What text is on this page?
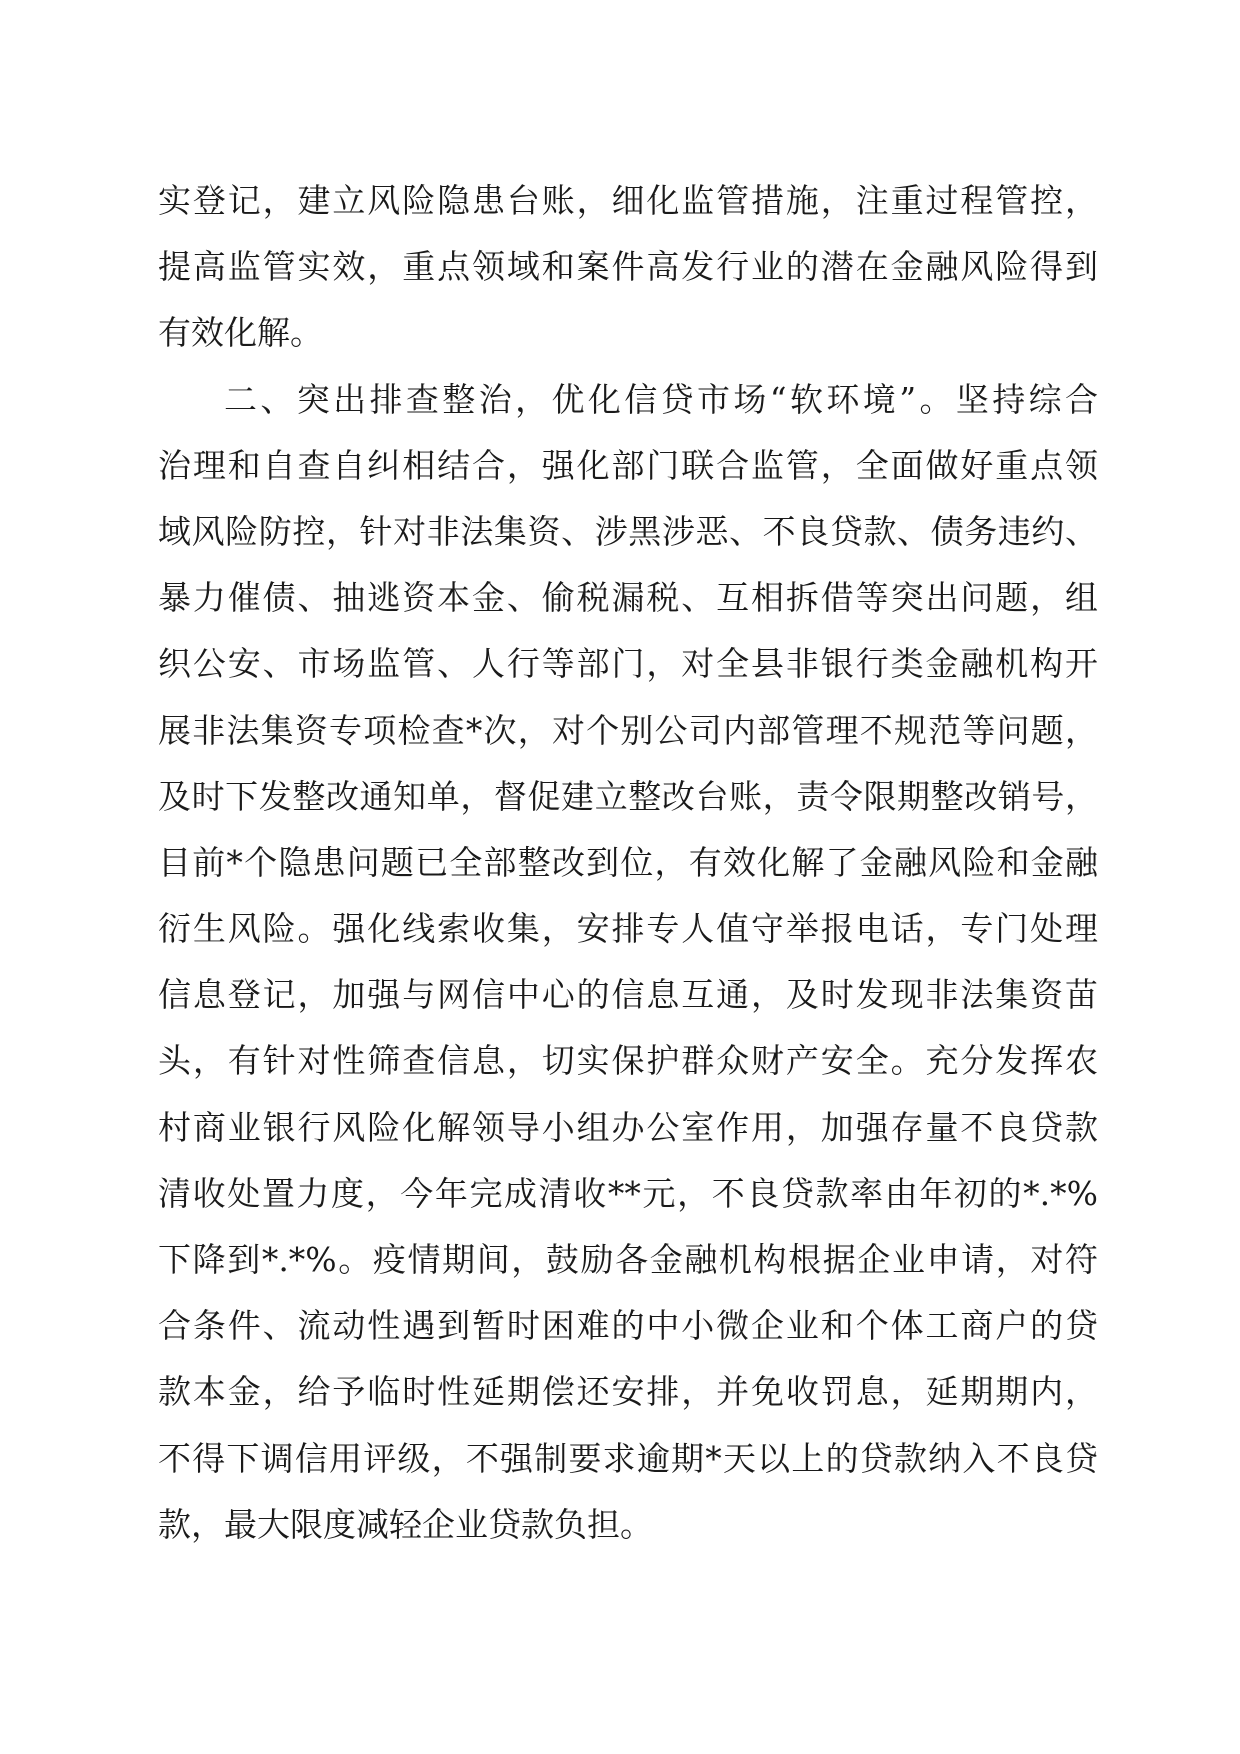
实登记，建立风险隐患台账，细化监管措施，注重过程管控，
提高监管实效，重点领域和案件高发行业的潜在金融风险得到
有效化解。
二、突出排查整治，优化信贷市场“软环境”。坚持综合
治理和自查自纠相结合，强化部门联合监管，全面做好重点领
域风险防控，针对非法集资、涉黑涉恶、不良贷款、债务违约、
暴力催债、抽逃资本金、偷税漏税、互相拆借等突出问题，组
织公安、市场监管、人行等部门，对全县非银行类金融机构开
展非法集资专项检查*次，对个别公司内部管理不规范等问题，
及时下发整改通知单，督促建立整改台账，责令限期整改销号，
目前*个隐患问题已全部整改到位，有效化解了金融风险和金融
衍生风险。强化线索收集，安排专人值守举报电话，专门处理
信息登记，加强与网信中心的信息互通，及时发现非法集资苗
头，有针对性筛查信息，切实保护群众财产安全。充分发挥农
村商业银行风险化解领导小组办公室作用，加强存量不良贷款
清收处置力度，今年完成清收**元，不良贷款率由年初的*.*%
下降到*.*%。疫情期间，鼓励各金融机构根据企业申请，对符
合条件、流动性遇到暂时困难的中小微企业和个体工商户的贷
款本金，给予临时性延期偿还安排，并免收罚息，延期期内，
不得下调信用评级，不强制要求逾期*天以上的贷款纳入不良贷
款，最大限度减轻企业贷款负担。
